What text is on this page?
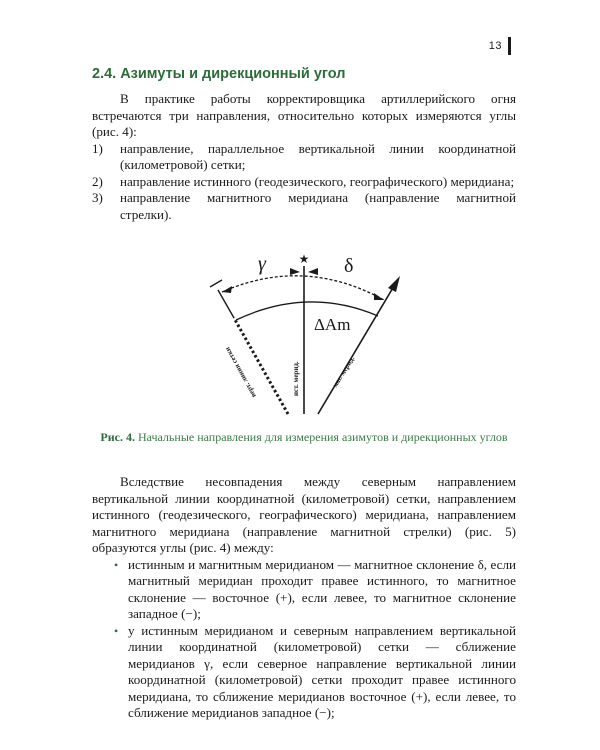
13
2.4. Азимуты и дирекционный угол

В практике работы корректировщика артиллерийского огня встречаются три направления, относительно которых измеряются углы (рис. 4):

1) направление, параллельное вертикальной линии координатной (километровой) сетки;
2) направление истинного (геодезического, географического) меридиана;
3) направление магнитного меридиана (направление магнитной стрелки).
★
γ	δ
ΔAm
ист. мерид.	маг. мерид.
верт. линия сетки
Рис. 4. Начальные направления для измерения азимутов и дирекционных углов

Вследствие несовпадения между северным направлением вертикальной линии координатной (километровой) сетки, направлением истинного (геодезического, географического) меридиана, направлением магнитного меридиана (направление магнитной стрелки) (рис. 5) образуются углы (рис. 4) между:

• истинным и магнитным меридианом — магнитное склонение δ, если магнитный меридиан проходит правее истинного, то магнитное склонение — восточное (+), если левее, то магнитное склонение западное (−);
• у истинным меридианом и северным направлением вертикальной линии координатной (километровой) сетки — сближение меридианов γ, если северное направление вертикальной линии координатной (километровой) сетки проходит правее истинного меридиана, то сближение меридианов восточное (+), если левее, то сближение меридианов западное (−);
